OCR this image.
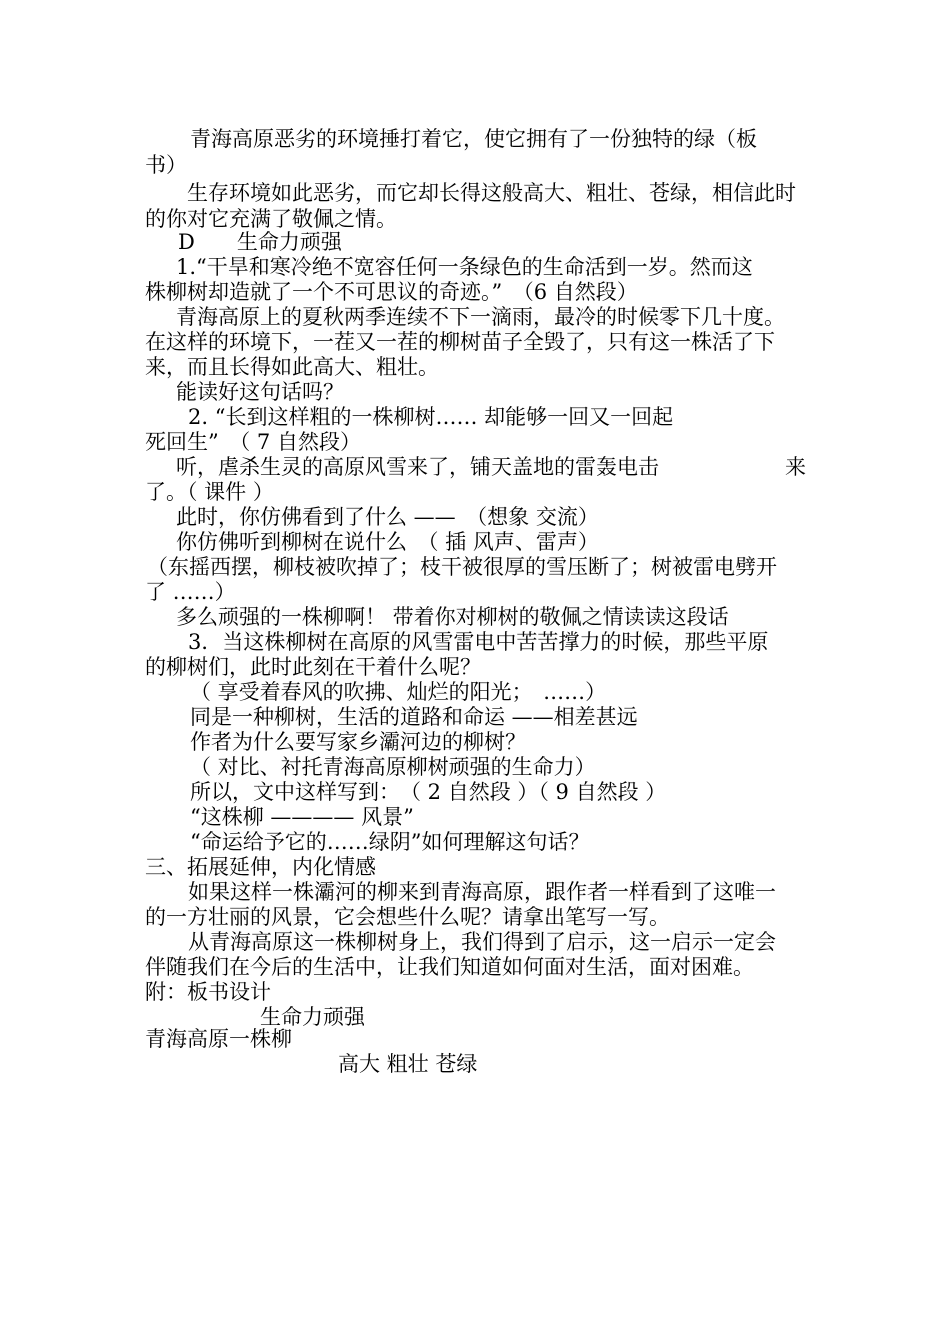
青海高原恶劣的环境捶打着它，使它拥有了一份独特的绿（板
书）
生存环境如此恶劣，而它却长得这般高大、粗壮、苍绿，相信此时
的你对它充满了敬佩之情。
D　　生命力顽强
1.“干旱和寒冷绝不宽容任何一条绿色的生命活到一岁。然而这
株柳树却造就了一个不可思议的奇迹。”　（6 自然段）
青海高原上的夏秋两季连续不下一滴雨，最冷的时候零下几十度。
在这样的环境下，一茬又一茬的柳树苗子全毁了，只有这一株活了下
来，而且长得如此高大、粗壮。
能读好这句话吗？
2. “长到这样粗的一株柳树…… 却能够一回又一回起
死回生”　（ 7 自然段）
听，虐杀生灵的高原风雪来了，铺天盖地的雷轰电击	来
了。（ 课件 ）
此时，你仿佛看到了什么 ——　（想象 交流）
你仿佛听到柳树在说什么　（ 插 风声、雷声）
（东摇西摆，柳枝被吹掉了；枝干被很厚的雪压断了；树被雷电劈开
了 ……）
多么顽强的一株柳啊！ 带着你对柳树的敬佩之情读读这段话
3．当这株柳树在高原的风雪雷电中苦苦撑力的时候，那些平原
的柳树们，此时此刻在干着什么呢？
（ 享受着春风的吹拂、灿烂的阳光；　……）
同是一种柳树，生活的道路和命运 ——相差甚远
作者为什么要写家乡灞河边的柳树？
（ 对比、衬托青海高原柳树顽强的生命力）
所以，文中这样写到：　（ 2 自然段 ）（ 9 自然段 ）
“这株柳 ———— 风景”
“命运给予它的……绿阴”如何理解这句话？
三、拓展延伸，内化情感
如果这样一株灞河的柳来到青海高原，跟作者一样看到了这唯一
的一方壮丽的风景，它会想些什么呢？请拿出笔写一写。
从青海高原这一株柳树身上，我们得到了启示，这一启示一定会
伴随我们在今后的生活中，让我们知道如何面对生活，面对困难。
附：板书设计
生命力顽强
青海高原一株柳
高大 粗壮 苍绿
